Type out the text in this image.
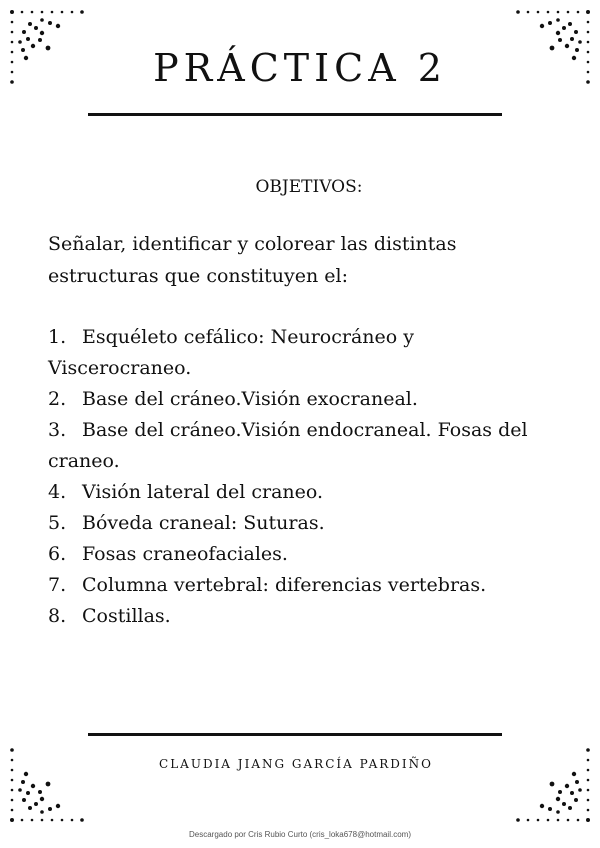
PRÁCTICA 2
OBJETIVOS:

Señalar, identificar y colorear las distintas estructuras que constituyen el:

1. Esquéleto cefálico: Neurocráneo y Viscerocraneo.
2. Base del cráneo.Visión exocraneal.
3. Base del cráneo.Visión endocraneal. Fosas del craneo.
4. Visión lateral del craneo.
5. Bóveda craneal: Suturas.
6. Fosas craneofaciales.
7. Columna vertebral: diferencias vertebras.
8. Costillas.
CLAUDIA JIANG GARCÍA PARDIÑO
Descargado por Cris Rubio Curto (cris_loka678@hotmail.com)
